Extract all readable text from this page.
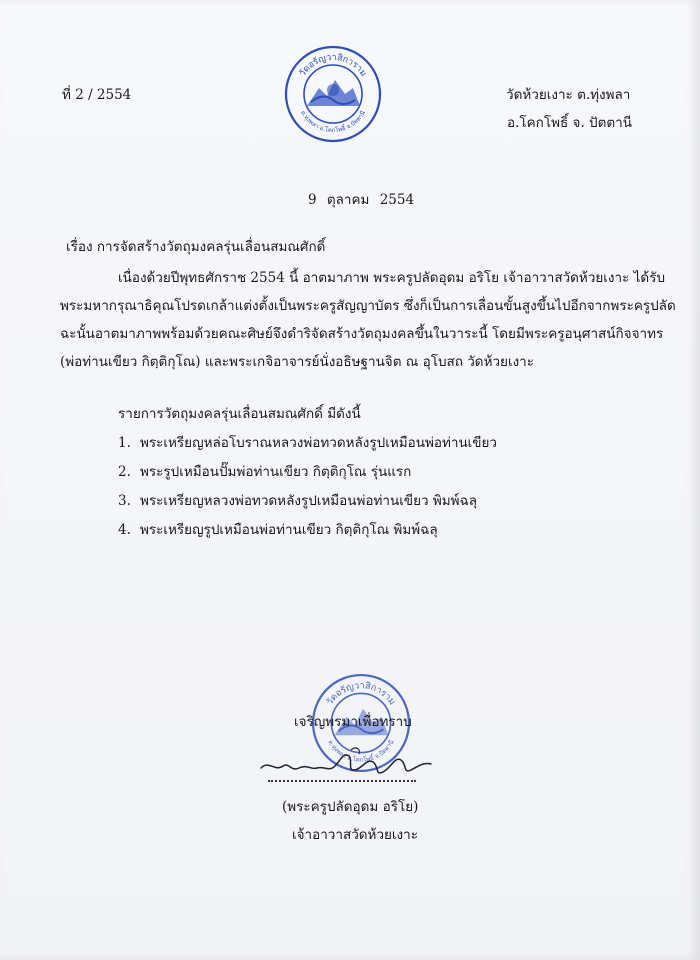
วัดอรัญวาสิการาม
ต.ทุ่งพลา อ.โคกโพธิ์ จ.ปัตตานี
ที่ 2 / 2554	วัดห้วยเงาะ ต.ทุ่งพลา
อ.โคกโพธิ์ จ. ปัตตานี
9 ตุลาคม 2554
เรื่อง การจัดสร้างวัตถุมงคลรุ่นเลื่อนสมณศักดิ์
เนื่องด้วยปีพุทธศักราช 2554 นี้ อาตมาภาพ พระครูปลัดอุดม อริโย เจ้าอาวาสวัดห้วยเงาะ ได้รับ
พระมหากรุณาธิคุณโปรดเกล้าแต่งตั้งเป็นพระครูสัญญาบัตร ซึ่งก็เป็นการเลื่อนขั้นสูงขึ้นไปอีกจากพระครูปลัด
ฉะนั้นอาตมาภาพพร้อมด้วยคณะศิษย์จึงดำริจัดสร้างวัตถุมงคลขึ้นในวาระนี้ โดยมีพระครูอนุศาสน์กิจจาทร
(พ่อท่านเขียว กิตฺติกุโณ) และพระเกจิอาจารย์นั่งอธิษฐานจิต ณ อุโบสถ วัดห้วยเงาะ
รายการวัตถุมงคลรุ่นเลื่อนสมณศักดิ์ มีดังนี้
1. พระเหรียญหล่อโบราณหลวงพ่อทวดหลังรูปเหมือนพ่อท่านเขียว
2. พระรูปเหมือนปั๊มพ่อท่านเขียว กิตฺติกุโณ รุ่นแรก
3. พระเหรียญหลวงพ่อทวดหลังรูปเหมือนพ่อท่านเขียว พิมพ์ฉลุ
4. พระเหรียญรูปเหมือนพ่อท่านเขียว กิตฺติกุโณ พิมพ์ฉลุ
วัดอรัญวาสิการาม
ต.ทุ่งพลา อ.โคกโพธิ์ จ.ปัตตานี
เจริญพรมาเพื่อทราบ
(พระครูปลัดอุดม อริโย)
เจ้าอาวาสวัดห้วยเงาะ
